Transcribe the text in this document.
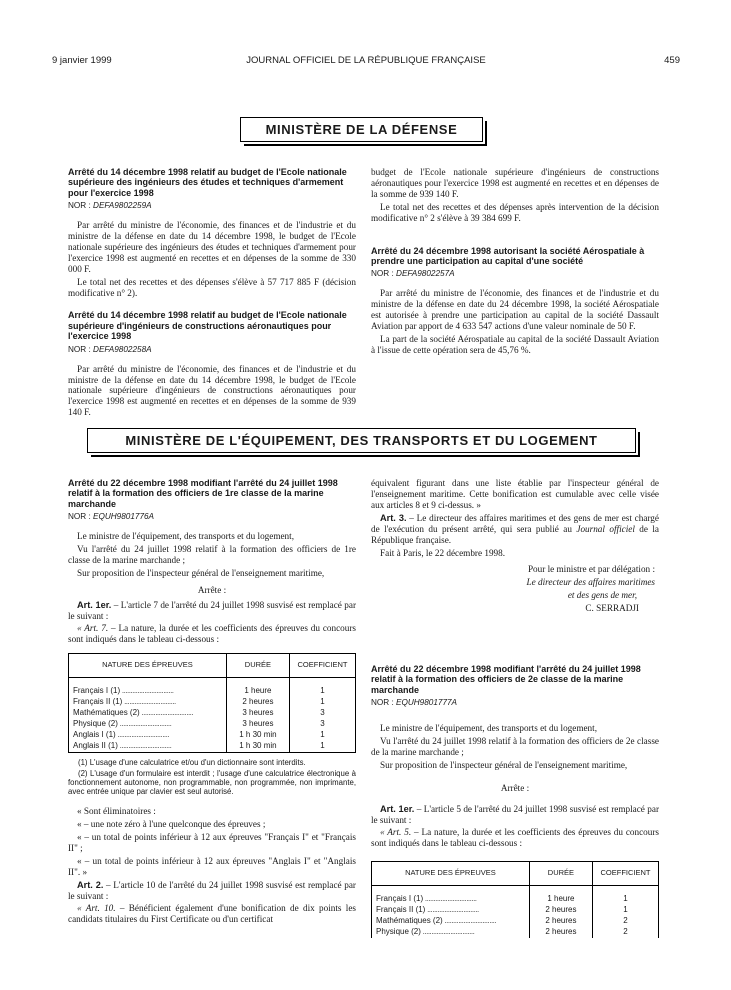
9 janvier 1999	JOURNAL OFFICIEL DE LA RÉPUBLIQUE FRANÇAISE	459
MINISTÈRE DE LA DÉFENSE

Arrêté du 14 décembre 1998 relatif au budget de l'Ecole nationale supérieure des ingénieurs des études et techniques d'armement pour l'exercice 1998

NOR : DEFA9802259A

Par arrêté du ministre de l'économie, des finances et de l'industrie et du ministre de la défense en date du 14 décembre 1998, le budget de l'Ecole nationale supérieure des ingénieurs des études et techniques d'armement pour l'exercice 1998 est augmenté en recettes et en dépenses de la somme de 330 000 F.

Le total net des recettes et des dépenses s'élève à 57 717 885 F (décision modificative n° 2).

Arrêté du 14 décembre 1998 relatif au budget de l'Ecole nationale supérieure d'ingénieurs de constructions aéronautiques pour l'exercice 1998

NOR : DEFA9802258A

Par arrêté du ministre de l'économie, des finances et de l'industrie et du ministre de la défense en date du 14 décembre 1998, le budget de l'Ecole nationale supérieure d'ingénieurs de constructions aéronautiques pour l'exercice 1998 est augmenté en recettes et en dépenses de la somme de 939 140 F.

budget de l'Ecole nationale supérieure d'ingénieurs de constructions aéronautiques pour l'exercice 1998 est augmenté en recettes et en dépenses de la somme de 939 140 F.

Le total net des recettes et des dépenses après intervention de la décision modificative n° 2 s'élève à 39 384 699 F.

Arrêté du 24 décembre 1998 autorisant la société Aérospatiale à prendre une participation au capital d'une société

NOR : DEFA9802257A

Par arrêté du ministre de l'économie, des finances et de l'industrie et du ministre de la défense en date du 24 décembre 1998, la société Aérospatiale est autorisée à prendre une participation au capital de la société Dassault Aviation par apport de 4 633 547 actions d'une valeur nominale de 50 F.

La part de la société Aérospatiale au capital de la société Dassault Aviation à l'issue de cette opération sera de 45,76 %.

MINISTÈRE DE L'ÉQUIPEMENT, DES TRANSPORTS ET DU LOGEMENT

Arrêté du 22 décembre 1998 modifiant l'arrêté du 24 juillet 1998 relatif à la formation des officiers de 1re classe de la marine marchande

NOR : EQUH9801776A

Le ministre de l'équipement, des transports et du logement,

Vu l'arrêté du 24 juillet 1998 relatif à la formation des officiers de 1re classe de la marine marchande ;

Sur proposition de l'inspecteur général de l'enseignement maritime,

Arrête :

Art. 1er. – L'article 7 de l'arrêté du 24 juillet 1998 susvisé est remplacé par le suivant :

« Art. 7. – La nature, la durée et les coefficients des épreuves du concours sont indiqués dans le tableau ci-dessous :

NATURE DES ÉPREUVES	DURÉE	COEFFICIENT

Français I (1) ..............................	1 heure	1
Français II (1) ..............................	2 heures	1
Mathématiques (2) ..............................	3 heures	3
Physique (2) ..............................	3 heures	3
Anglais I (1) ..............................	1 h 30 min	1
Anglais II (1) ..............................	1 h 30 min	1

(1) L'usage d'une calculatrice et/ou d'un dictionnaire sont interdits.

(2) L'usage d'un formulaire est interdit ; l'usage d'une calculatrice électronique à fonctionnement autonome, non programmable, non programmée, non imprimante, avec entrée unique par clavier est seul autorisé.

« Sont éliminatoires :

« – une note zéro à l'une quelconque des épreuves ;

« – un total de points inférieur à 12 aux épreuves "Français I" et "Français II" ;

« – un total de points inférieur à 12 aux épreuves "Anglais I" et "Anglais II". »

Art. 2. – L'article 10 de l'arrêté du 24 juillet 1998 susvisé est remplacé par le suivant :

« Art. 10. – Bénéficient également d'une bonification de dix points les candidats titulaires du First Certificate ou d'un certificat

équivalent figurant dans une liste établie par l'inspecteur général de l'enseignement maritime. Cette bonification est cumulable avec celle visée aux articles 8 et 9 ci-dessus. »

Art. 3. – Le directeur des affaires maritimes et des gens de mer est chargé de l'exécution du présent arrêté, qui sera publié au Journal officiel de la République française.

Fait à Paris, le 22 décembre 1998.

Pour le ministre et par délégation :

Le directeur des affaires maritimes

et des gens de mer,

C. SERRADJI

Arrêté du 22 décembre 1998 modifiant l'arrêté du 24 juillet 1998 relatif à la formation des officiers de 2e classe de la marine marchande

NOR : EQUH9801777A

Le ministre de l'équipement, des transports et du logement,

Vu l'arrêté du 24 juillet 1998 relatif à la formation des officiers de 2e classe de la marine marchande ;

Sur proposition de l'inspecteur général de l'enseignement maritime,

Arrête :

Art. 1er. – L'article 5 de l'arrêté du 24 juillet 1998 susvisé est remplacé par le suivant :

« Art. 5. – La nature, la durée et les coefficients des épreuves du concours sont indiqués dans le tableau ci-dessous :

NATURE DES ÉPREUVES	DURÉE	COEFFICIENT

Français I (1) ..............................	1 heure	1
Français II (1) ..............................	2 heures	1
Mathématiques (2) ..............................	2 heures	2
Physique (2) ..............................	2 heures	2
